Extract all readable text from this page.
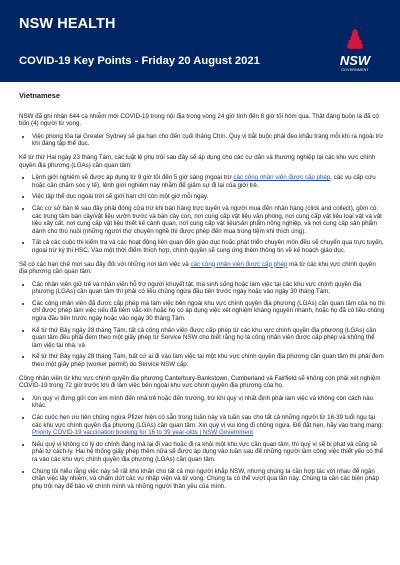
NSW HEALTH
COVID-19 Key Points - Friday 20 August 2021	NSW
GOVERNMENT
Vietnamese

NSW đã ghi nhận 644 ca nhiễm mới COVID-19 trong nội địa trong vòng 24 giờ tính đến 8 giờ tối hôm qua. Thật đáng buồn là đã có bốn (4) người từ vong.

• Việc phong tỏa tại Greater Sydney sẽ gia hạn cho đến cuối tháng Chín. Quy vị bắt buộc phải đeo khẩu trang mỗi khi ra ngoài trừ khi đang tập thể dục.

Kể từ thứ Hai ngày 23 tháng Tám, các luật lệ phụ trội sau đây sẽ áp dụng cho các cư dân và thương nghiệp tại các khu vực chính quyền địa phương (LGAs) cần quan tâm:

• Lệnh giới nghiêm sẽ được áp dụng từ 9 giờ tối đến 5 giờ sáng (ngoại trừ các công nhân viên được cấp phép, các vụ cấp cứu hoặc cần chăm sóc y tế), lệnh giới nghiêm này nhằm để giảm sự đi lại của giới trẻ.
• Việc tập thể dục ngoài trời sẽ giới hạn chỉ còn một giờ mỗi ngày.
• Các cơ sở bán lẻ sau đây phải đóng cửa trừ khi bán hàng trực tuyến và người mua đến nhận hàng (click and collect), gồm có: các trung tâm bán cây/vật liệu vườn trước và bán cây con, nơi cung cấp vật liệu văn phòng, nơi cung cấp vật liệu loại vật và vật liệu xây cất, nơi cung cấp vật liệu thiết kế cảnh quan, nơi cung cấp vật liệu/sản phẩm nông nghiệp, và nơi cung cấp sản phẩm dành cho thú nuôi (những người thợ chuyên nghề thì được phép đến mua trong tiệm khi thích ứng).
• Tất cả các cuộc thi kiểm tra và các hoạt động liên quan đến giáo dục hoặc phát triển chuyên môn đều sẽ chuyển qua trực tuyến, ngoại trừ kỳ thi HSC. Vào một thời điểm thích hợp, chính quyền sẽ cung ứng thêm thông tin về kế hoạch giáo dục.

Sẽ có các hạn chế mới sau đây đối với những nơi làm việc và các công nhân viên được cấp phép mà từ các khu vực chính quyền địa phương cần quan tâm:

• Các nhân viên giữ trẻ và nhân viên hỗ trợ người khuyết tật, mà sinh sống hoặc làm việc tại các khu vực chính quyền địa phương (LGAs) cần quan tâm thì phải có liều chủng ngừa đầu tiên trước ngày hoặc vào ngày 30 tháng Tám;
• Các công nhân viên đã được cấp phép mà làm việc bên ngoài khu vực chính quyền địa phương (LGAs) cần quan tâm của họ thì chỉ được phép làm việc nếu đã tiêm vắc-xin hoặc họ có áp dụng việc xét nghiệm kháng nguyên nhanh, hoặc họ đã có liều chủng ngừa đầu tiên trước ngày hoặc vào ngày 30 tháng Tám.
• Kể từ thứ Bảy ngày 28 tháng Tám, tất cả công nhân viên được cấp phép từ các khu vực chính quyền địa phương (LGAs) cần quan tâm đều phải đem theo một giấy phép từ Service NSW cho biết rằng họ là công nhân viên được cấp phép và không thể làm việc tại nhà; và
• Kể từ thứ Bảy ngày 28 tháng Tám, bất cứ ai đi vào làm việc tại một khu vực chính quyền địa phương cần quan tâm thì phải đem theo một giấy phép (worker permit) do Service NSW cấp.

Công nhân viên từ khu vực chính quyền địa phương Canterbury-Bankstown, Cumberland và Fairfield sẽ không còn phải xét nghiệm COVID-19 trong 72 giờ trước khi đi làm việc bên ngoài khu vực chính quyền địa phương của họ.

• Xin quý vị đừng gửi con em mình đến nhà trẻ hoặc đến trường, trừ khi quý vị nhất định phải làm việc và không còn cách nào khác.
• Các cuộc hẹn ưu tiên chủng ngừa Pfizer hiện có sẵn trong tuần này và tuần sau cho tất cả những người từ 16-39 tuổi ngụ tại các khu vực chính quyền địa phương (LGAs) cần quan tâm. Xin quý vị vui lòng đi chủng ngừa. Để đặt hẹn, hãy vào trang mạng: Priority COVID-19 vaccination booking for 16 to 39 year-olds | NSW Government
• Nếu quý vị không có lý do chính đáng mà lại đi vào hoặc đi ra khỏi một khu vực cần quan tâm, thì quý vị sẽ bị phạt và cũng sẽ phải tự cách-ly. Hai hệ thống giấy phép thêm nữa sẽ được áp dụng vào tuần sau để những người làm công việc thiết yếu có thể ra vào các khu vực chính quyền địa phương (LGAs) cần quan tâm.
• Chúng tôi hiểu rằng việc này sẽ rất khó khăn cho tất cả mọi người khắp NSW, nhưng chúng ta cần hợp tác với nhau để ngăn chặn việc lây nhiễm, và chấm dứt các vụ nhập viện và tử vong. Chúng ta có thể vượt qua lần này. Chúng ta cần các biện pháp phụ trội này để bảo vệ chính mình và những người thân yêu của mình.
